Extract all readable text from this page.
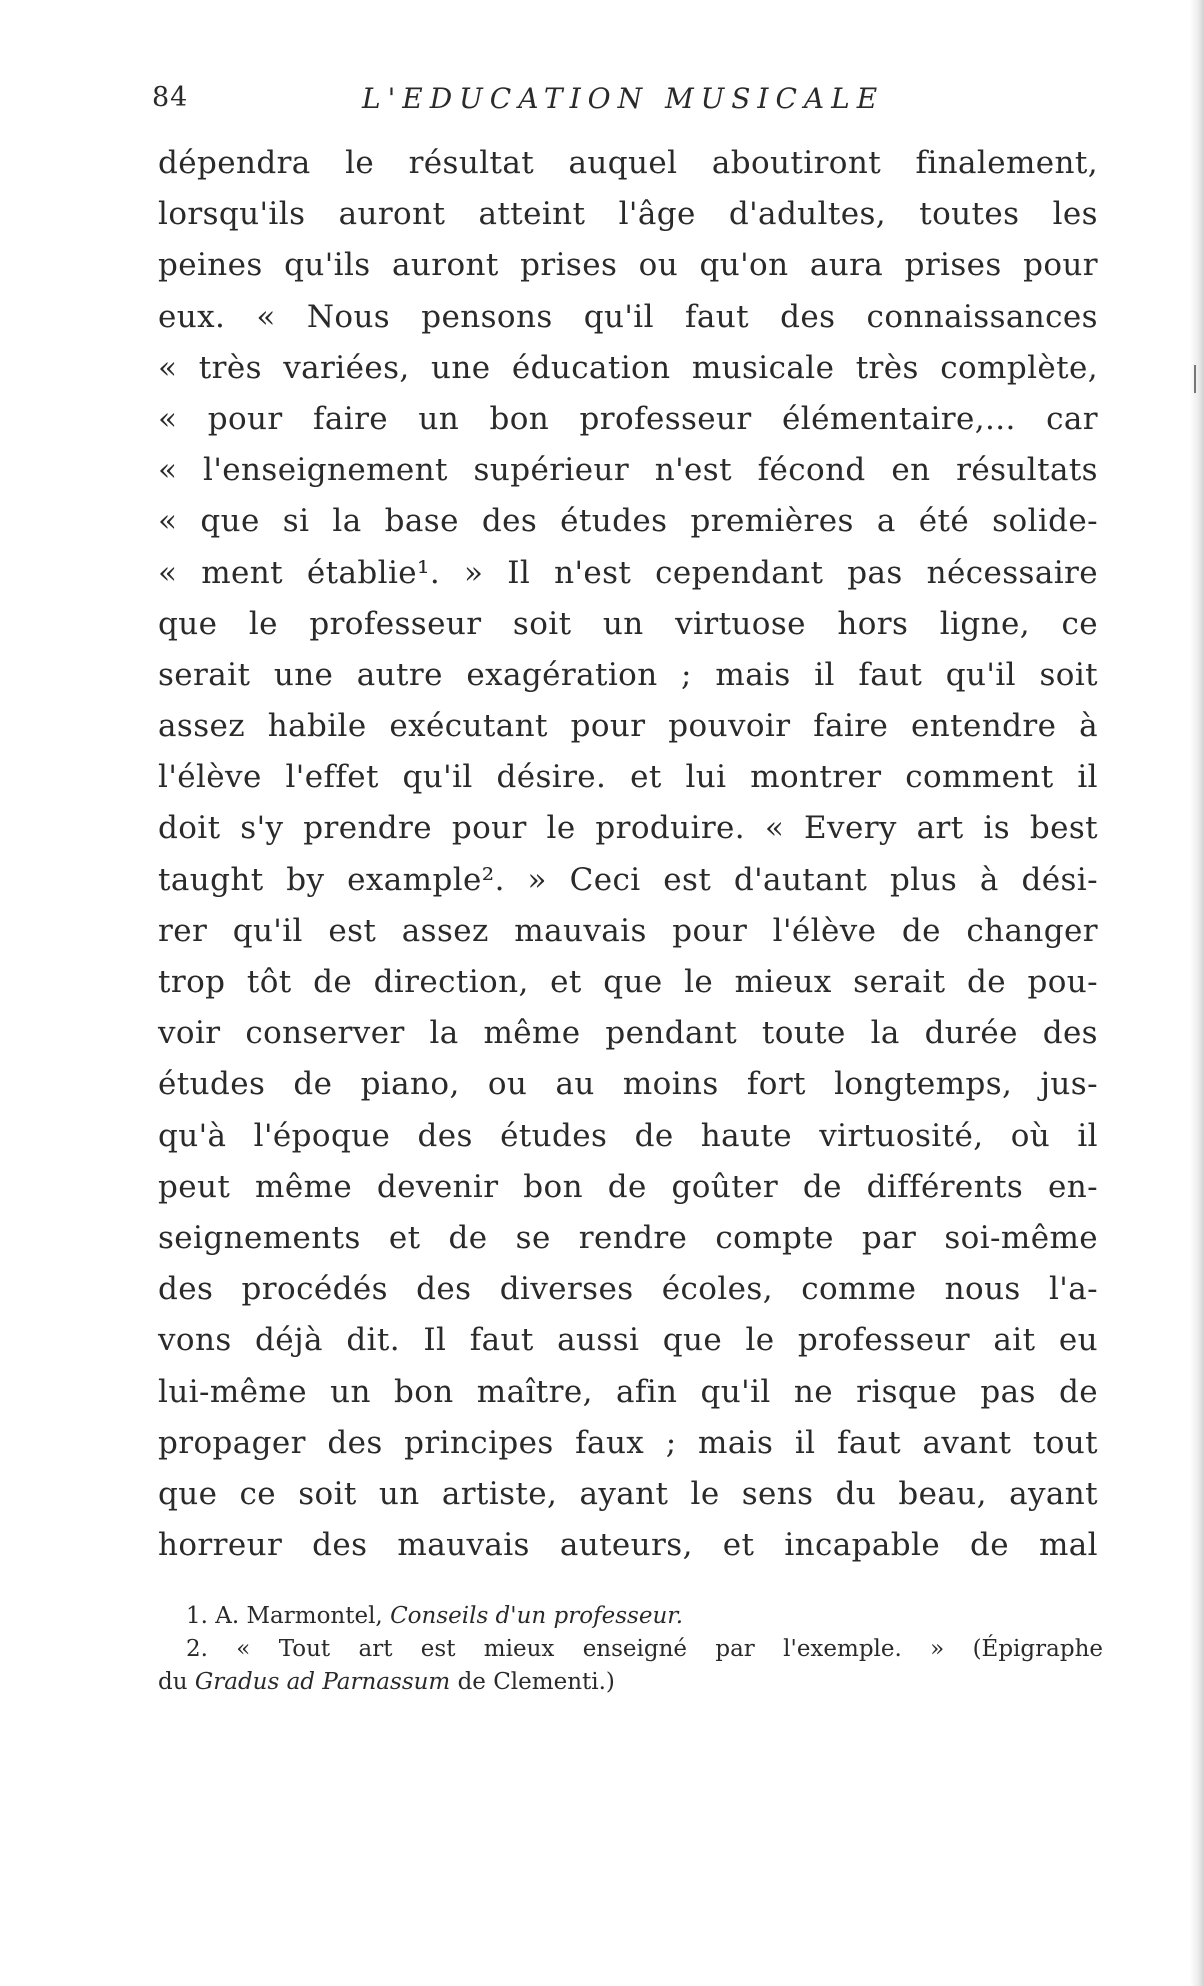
84	L'EDUCATION MUSICALE
dépendra le résultat auquel aboutiront finalement,
lorsqu'ils auront atteint l'âge d'adultes, toutes les
peines qu'ils auront prises ou qu'on aura prises pour
eux. « Nous pensons qu'il faut des connaissances
« très variées, une éducation musicale très complète,
« pour faire un bon professeur élémentaire,... car
« l'enseignement supérieur n'est fécond en résultats
« que si la base des études premières a été solide-
« ment établie¹. » Il n'est cependant pas nécessaire
que le professeur soit un virtuose hors ligne, ce
serait une autre exagération ; mais il faut qu'il soit
assez habile exécutant pour pouvoir faire entendre à
l'élève l'effet qu'il désire. et lui montrer comment il
doit s'y prendre pour le produire. « Every art is best
taught by example². » Ceci est d'autant plus à dési-
rer qu'il est assez mauvais pour l'élève de changer
trop tôt de direction, et que le mieux serait de pou-
voir conserver la même pendant toute la durée des
études de piano, ou au moins fort longtemps, jus-
qu'à l'époque des études de haute virtuosité, où il
peut même devenir bon de goûter de différents en-
seignements et de se rendre compte par soi-même
des procédés des diverses écoles, comme nous l'a-
vons déjà dit. Il faut aussi que le professeur ait eu
lui-même un bon maître, afin qu'il ne risque pas de
propager des principes faux ; mais il faut avant tout
que ce soit un artiste, ayant le sens du beau, ayant
horreur des mauvais auteurs, et incapable de mal
1. A. Marmontel, Conseils d'un professeur.
2. « Tout art est mieux enseigné par l'exemple. » (Épigraphe
du Gradus ad Parnassum de Clementi.)
